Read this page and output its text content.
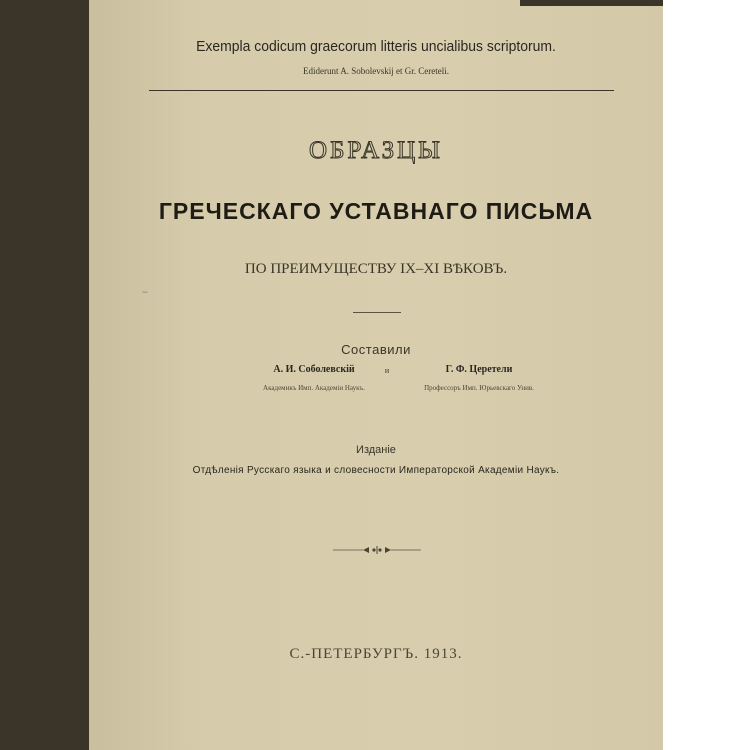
Exempla codicum graecorum litteris uncialibus scriptorum.
Ediderunt A. Sobolevskij et Gr. Cereteli.
ОБРАЗЦЫ
ГРЕЧЕСКАГО УСТАВНАГО ПИСЬМА
ПО ПРЕИМУЩЕСТВУ IX–XI ВѢКОВЪ.
Составили
А. И. Соболевскій	и	Г. Ф. Церетели
Академикъ Имп. Академіи Наукъ.	Профессоръ Имп. Юрьевскаго Унив.
Изданіе
Отдѣленія Русскаго языка и словесности Императорской Академіи Наукъ.
С.-ПЕТЕРБУРГЪ. 1913.
~
